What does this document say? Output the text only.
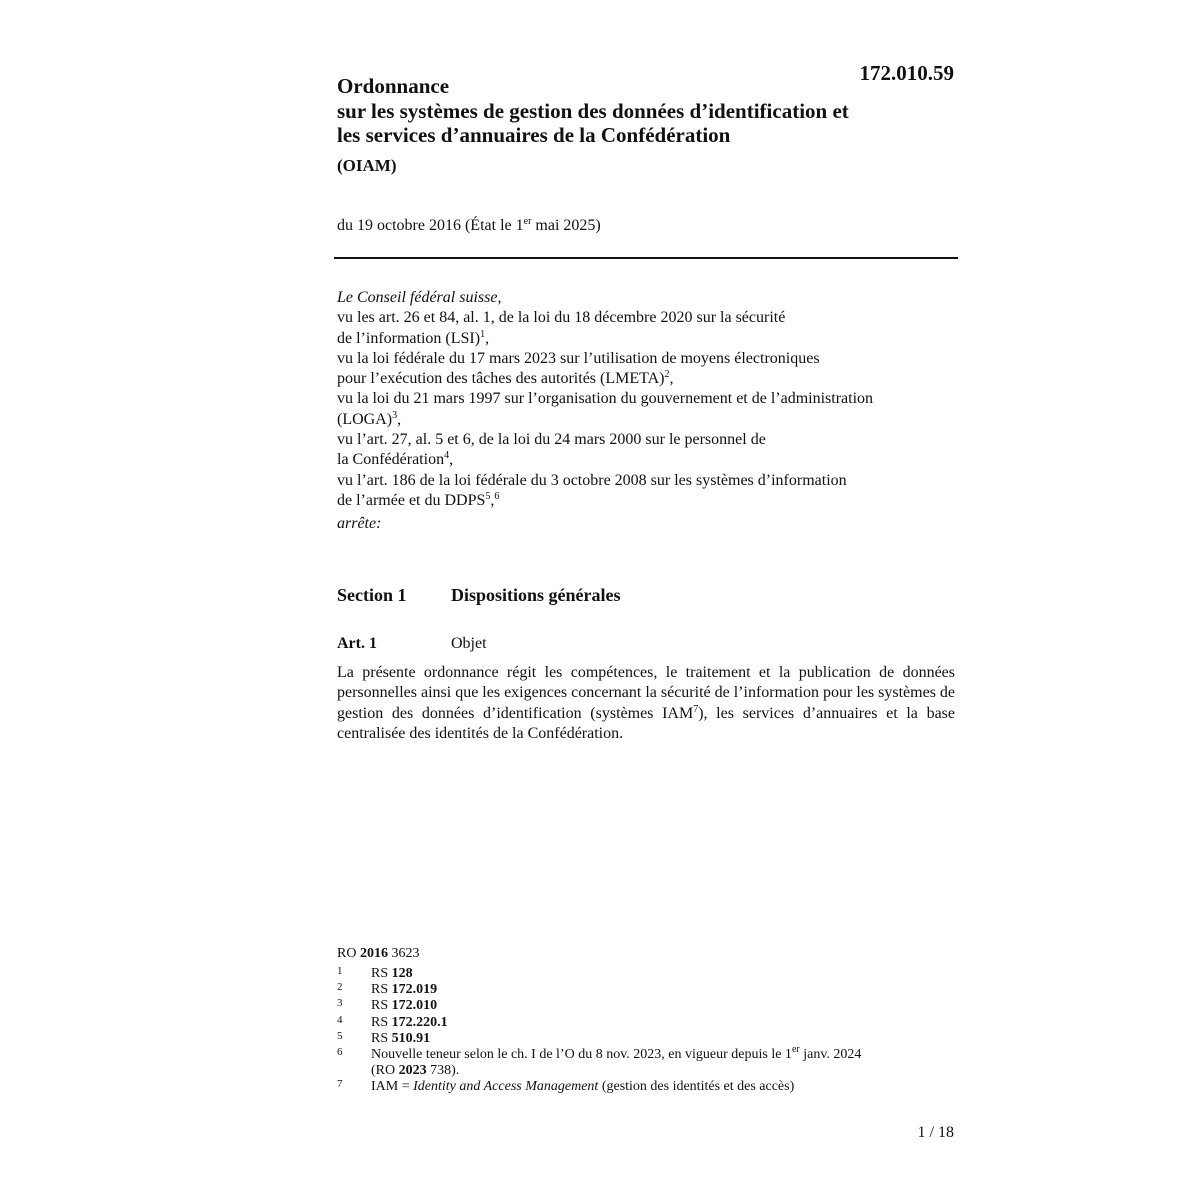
172.010.59
Ordonnance
sur les systèmes de gestion des données d’identification et
les services d’annuaires de la Confédération
(OIAM)
du 19 octobre 2016 (État le 1er mai 2025)
Le Conseil fédéral suisse,
vu les art. 26 et 84, al. 1, de la loi du 18 décembre 2020 sur la sécurité
de l’information (LSI)$^1$,
vu la loi fédérale du 17 mars 2023 sur l’utilisation de moyens électroniques
pour l’exécution des tâches des autorités (LMETA)$^2$,
vu la loi du 21 mars 1997 sur l’organisation du gouvernement et de l’administration
(LOGA)$^3$,
vu l’art. 27, al. 5 et 6, de la loi du 24 mars 2000 sur le personnel de
la Confédération$^4$,
vu l’art. 186 de la loi fédérale du 3 octobre 2008 sur les systèmes d’information
de l’armée et du DDPS$^5$,$^6$
arrête:
Section 1 Dispositions générales
Art. 1	Objet
La présente ordonnance régit les compétences, le traitement et la publication de données personnelles ainsi que les exigences concernant la sécurité de l’information pour les systèmes de gestion des données d’identification (systèmes IAM$^7$), les services d’annuaires et la base centralisée des identités de la Confédération.
RO 2016 3623
1 RS 128
2 RS 172.019
3 RS 172.010
4 RS 172.220.1
5 RS 510.91
6 Nouvelle teneur selon le ch. I de l’O du 8 nov. 2023, en vigueur depuis le 1er janv. 2024
(RO 2023 738).
7 IAM = Identity and Access Management (gestion des identités et des accès)
1 / 18
